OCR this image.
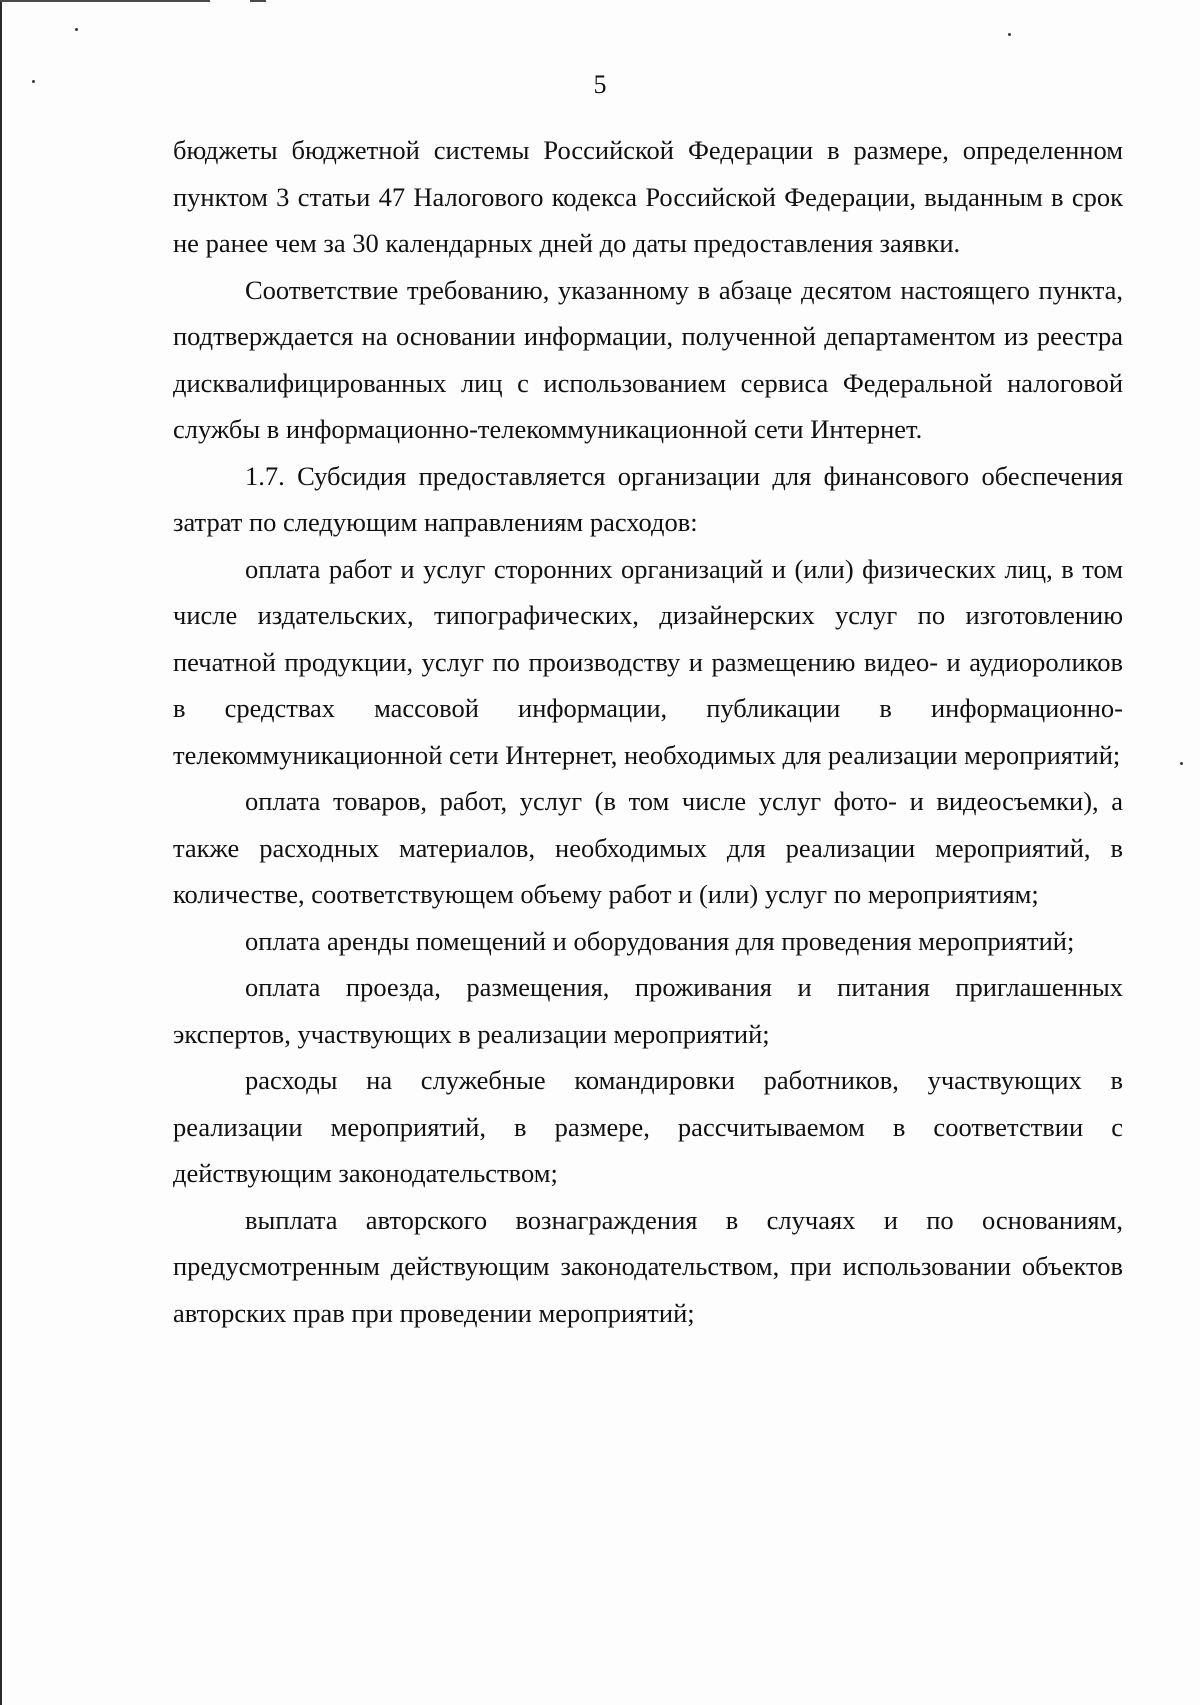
5

бюджеты бюджетной системы Российской Федерации в размере, определенном пунктом 3 статьи 47 Налогового кодекса Российской Федерации, выданным в срок не ранее чем за 30 календарных дней до даты предоставления заявки.

Соответствие требованию, указанному в абзаце десятом настоящего пункта, подтверждается на основании информации, полученной департаментом из реестра дисквалифицированных лиц с использованием сервиса Федеральной налоговой службы в информационно-телекоммуникационной сети Интернет.

1.7. Субсидия предоставляется организации для финансового обеспечения затрат по следующим направлениям расходов:

оплата работ и услуг сторонних организаций и (или) физических лиц, в том числе издательских, типографических, дизайнерских услуг по изготовлению печатной продукции, услуг по производству и размещению видео- и аудиороликов в средствах массовой информации, публикации в информационно-телекоммуникационной сети Интернет, необходимых для реализации мероприятий;

оплата товаров, работ, услуг (в том числе услуг фото- и видеосъемки), а также расходных материалов, необходимых для реализации мероприятий, в количестве, соответствующем объему работ и (или) услуг по мероприятиям;

оплата аренды помещений и оборудования для проведения мероприятий;

оплата проезда, размещения, проживания и питания приглашенных экспертов, участвующих в реализации мероприятий;

расходы на служебные командировки работников, участвующих в реализации мероприятий, в размере, рассчитываемом в соответствии с действующим законодательством;

выплата авторского вознаграждения в случаях и по основаниям, предусмотренным действующим законодательством, при использовании объектов авторских прав при проведении мероприятий;
